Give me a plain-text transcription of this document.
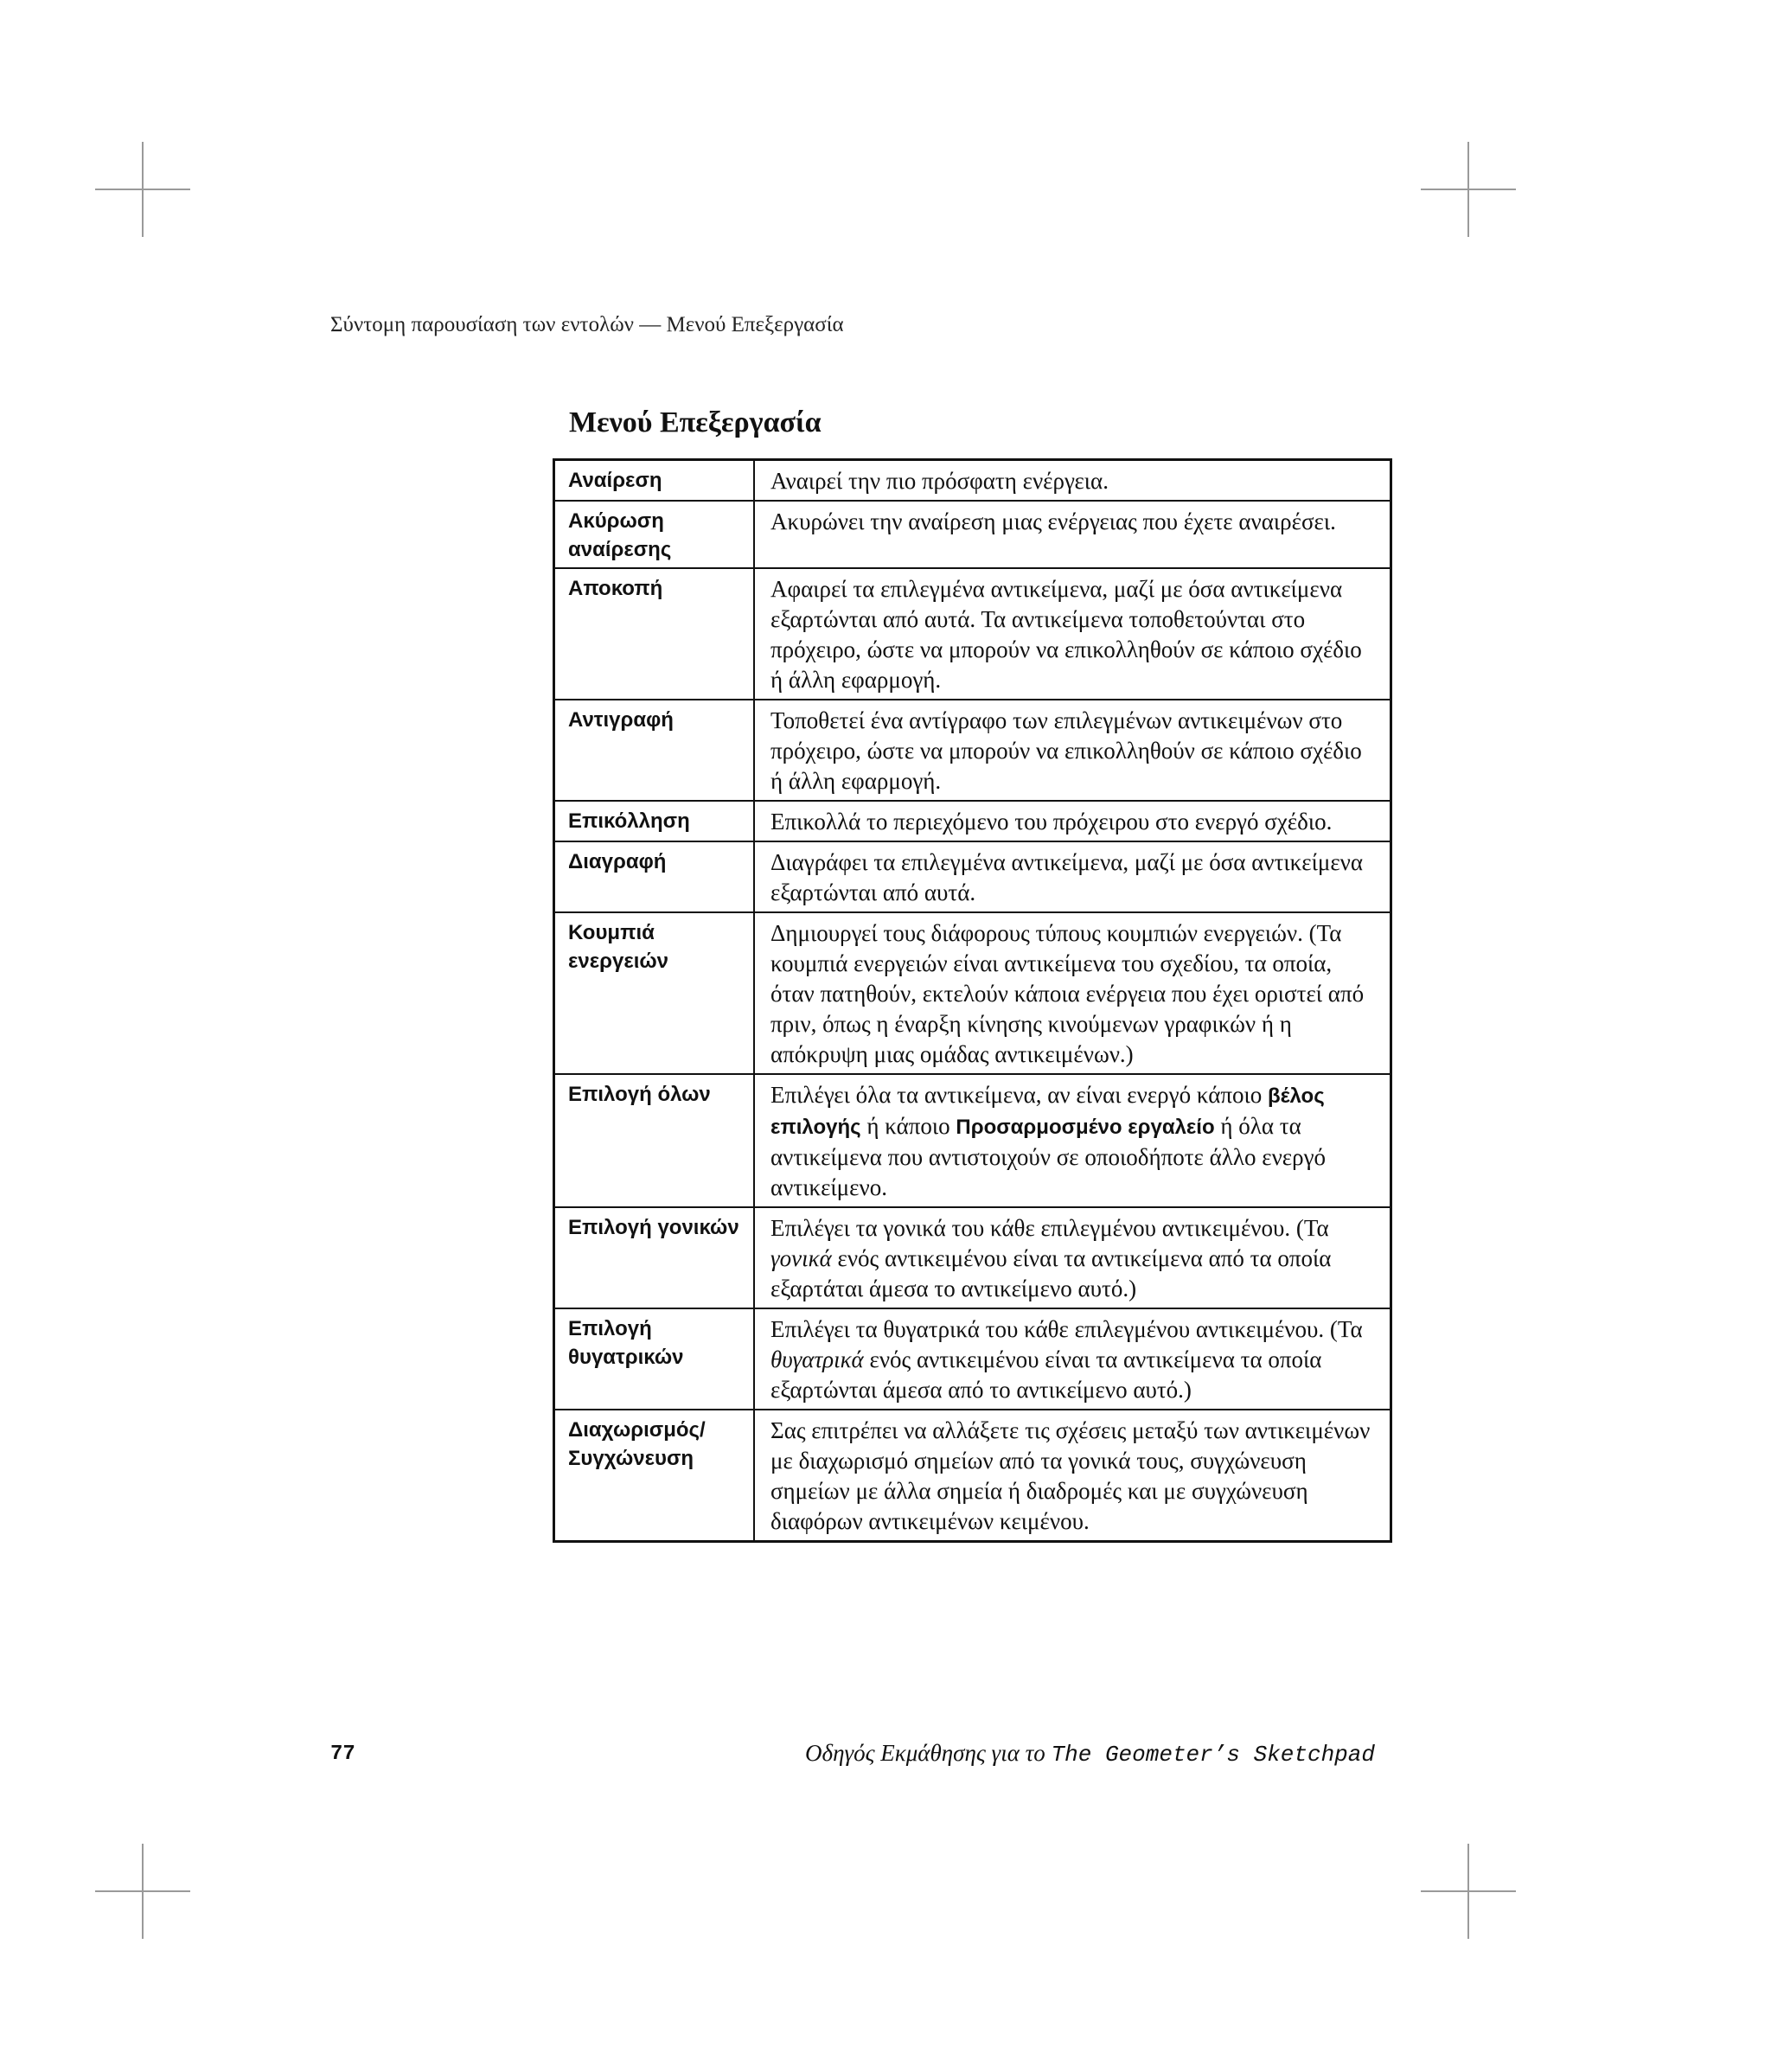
Σύντομη παρουσίαση των εντολών — Μενού Επεξεργασία
Μενού Επεξεργασία
Αναίρεση	Αναιρεί την πιο πρόσφατη ενέργεια.
Ακύρωση αναίρεσης	Ακυρώνει την αναίρεση μιας ενέργειας που έχετε αναιρέσει.
Αποκοπή	Αφαιρεί τα επιλεγμένα αντικείμενα, μαζί με όσα αντικείμενα εξαρτώνται από αυτά. Τα αντικείμενα τοποθετούνται στο πρόχειρο, ώστε να μπορούν να επικολληθούν σε κάποιο σχέδιο ή άλλη εφαρμογή.
Αντιγραφή	Τοποθετεί ένα αντίγραφο των επιλεγμένων αντικειμένων στο πρόχειρο, ώστε να μπορούν να επικολληθούν σε κάποιο σχέδιο ή άλλη εφαρμογή.
Επικόλληση	Επικολλά το περιεχόμενο του πρόχειρου στο ενεργό σχέδιο.
Διαγραφή	Διαγράφει τα επιλεγμένα αντικείμενα, μαζί με όσα αντικείμενα εξαρτώνται από αυτά.
Κουμπιά ενεργειών	Δημιουργεί τους διάφορους τύπους κουμπιών ενεργειών. (Τα κουμπιά ενεργειών είναι αντικείμενα του σχεδίου, τα οποία, όταν πατηθούν, εκτελούν κάποια ενέργεια που έχει οριστεί από πριν, όπως η έναρξη κίνησης κινούμενων γραφικών ή η απόκρυψη μιας ομάδας αντικειμένων.)
Επιλογή όλων	Επιλέγει όλα τα αντικείμενα, αν είναι ενεργό κάποιο βέλος επιλογής ή κάποιο Προσαρμοσμένο εργαλείο ή όλα τα αντικείμενα που αντιστοιχούν σε οποιοδήποτε άλλο ενεργό αντικείμενο.
Επιλογή γονικών	Επιλέγει τα γονικά του κάθε επιλεγμένου αντικειμένου. (Τα γονικά ενός αντικειμένου είναι τα αντικείμενα από τα οποία εξαρτάται άμεσα το αντικείμενο αυτό.)
Επιλογή θυγατρικών	Επιλέγει τα θυγατρικά του κάθε επιλεγμένου αντικειμένου. (Τα θυγατρικά ενός αντικειμένου είναι τα αντικείμενα τα οποία εξαρτώνται άμεσα από το αντικείμενο αυτό.)
Διαχωρισμός/ Συγχώνευση	Σας επιτρέπει να αλλάξετε τις σχέσεις μεταξύ των αντικειμένων με διαχωρισμό σημείων από τα γονικά τους, συγχώνευση σημείων με άλλα σημεία ή διαδρομές και με συγχώνευση διαφόρων αντικειμένων κειμένου.
77	Οδηγός Εκμάθησης για το The Geometer’s Sketchpad
